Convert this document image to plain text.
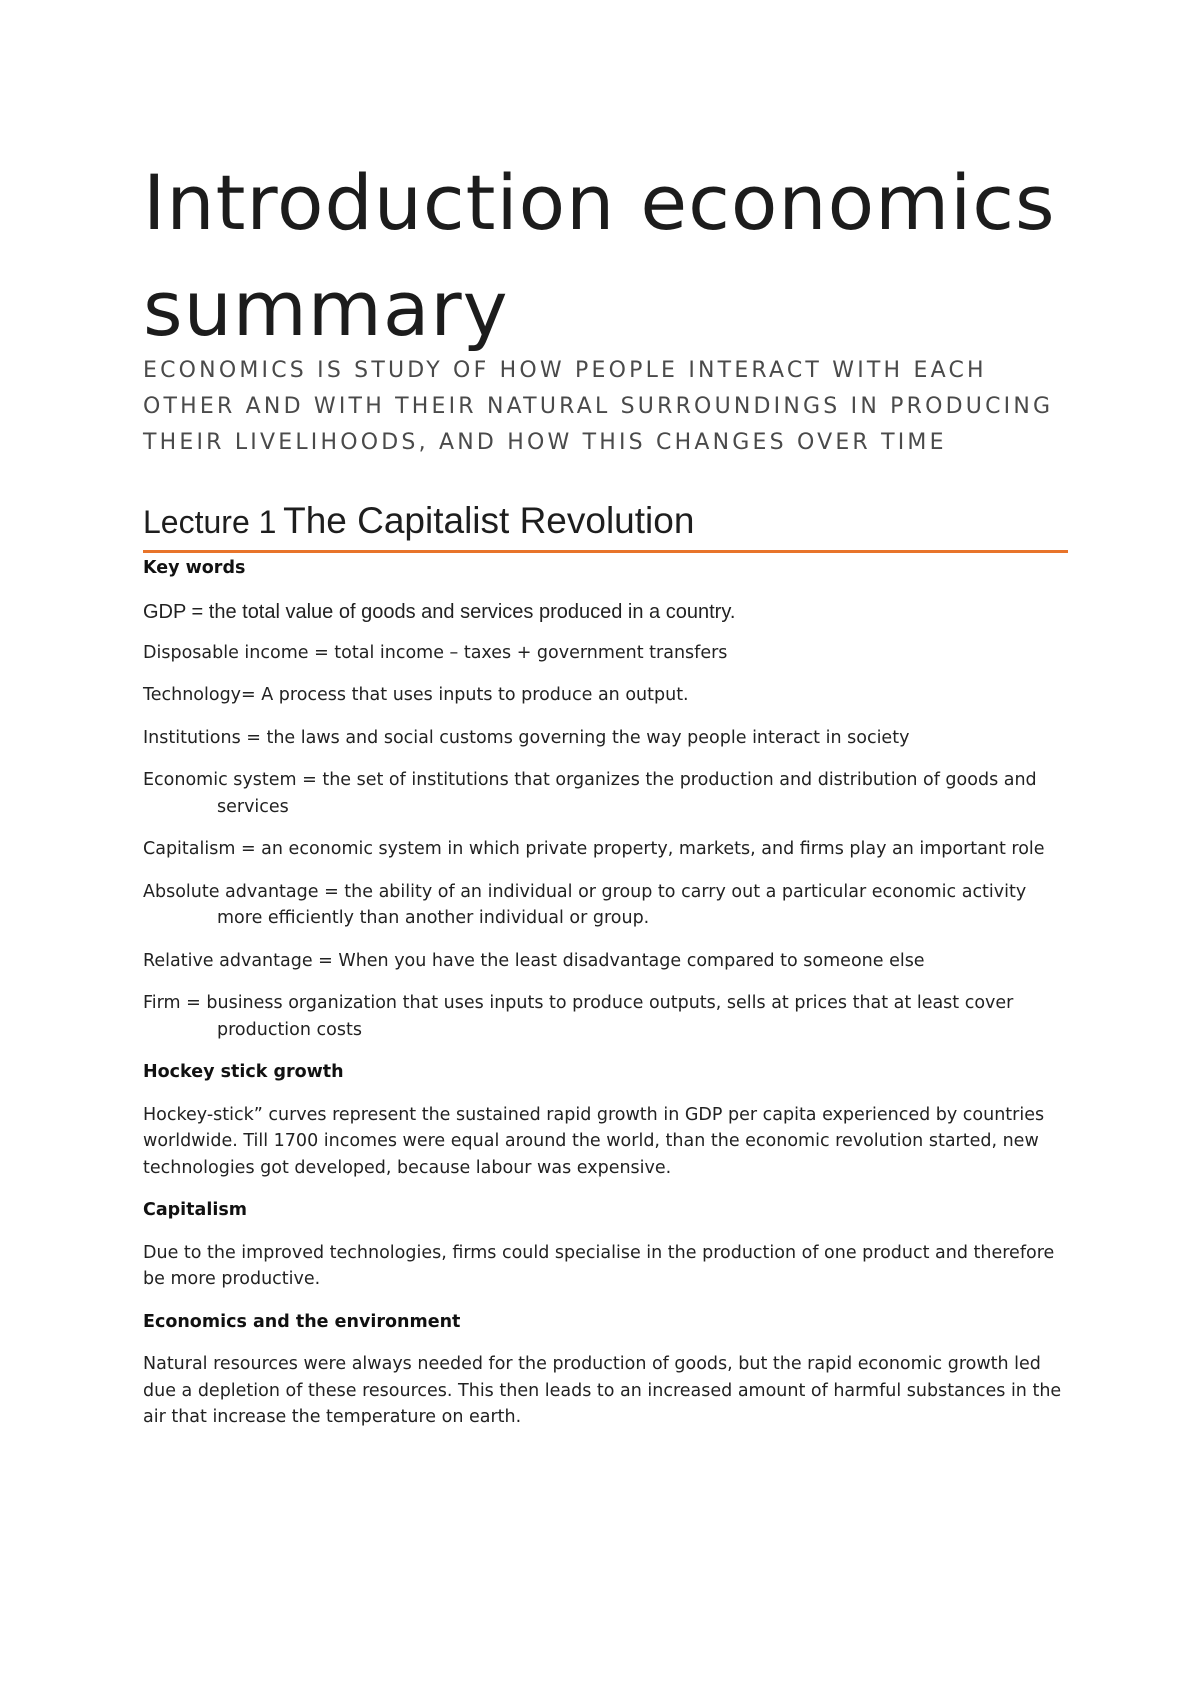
Introduction economics summary

ECONOMICS IS STUDY OF HOW PEOPLE INTERACT WITH EACH OTHER AND WITH THEIR NATURAL SURROUNDINGS IN PRODUCING THEIR LIVELIHOODS, AND HOW THIS CHANGES OVER TIME

Lecture 1 The Capitalist Revolution

Key words

GDP = the total value of goods and services produced in a country.

Disposable income = total income – taxes + government transfers

Technology= A process that uses inputs to produce an output.

Institutions = the laws and social customs governing the way people interact in society

Economic system = the set of institutions that organizes the production and distribution of goods and services

Capitalism = an economic system in which private property, markets, and firms play an important role

Absolute advantage = the ability of an individual or group to carry out a particular economic activity more efficiently than another individual or group.

Relative advantage = When you have the least disadvantage compared to someone else

Firm = business organization that uses inputs to produce outputs, sells at prices that at least cover production costs

Hockey stick growth

Hockey-stick” curves represent the sustained rapid growth in GDP per capita experienced by countries worldwide. Till 1700 incomes were equal around the world, than the economic revolution started, new technologies got developed, because labour was expensive.

Capitalism

Due to the improved technologies, firms could specialise in the production of one product and therefore be more productive.

Economics and the environment

Natural resources were always needed for the production of goods, but the rapid economic growth led due a depletion of these resources. This then leads to an increased amount of harmful substances in the air that increase the temperature on earth.
